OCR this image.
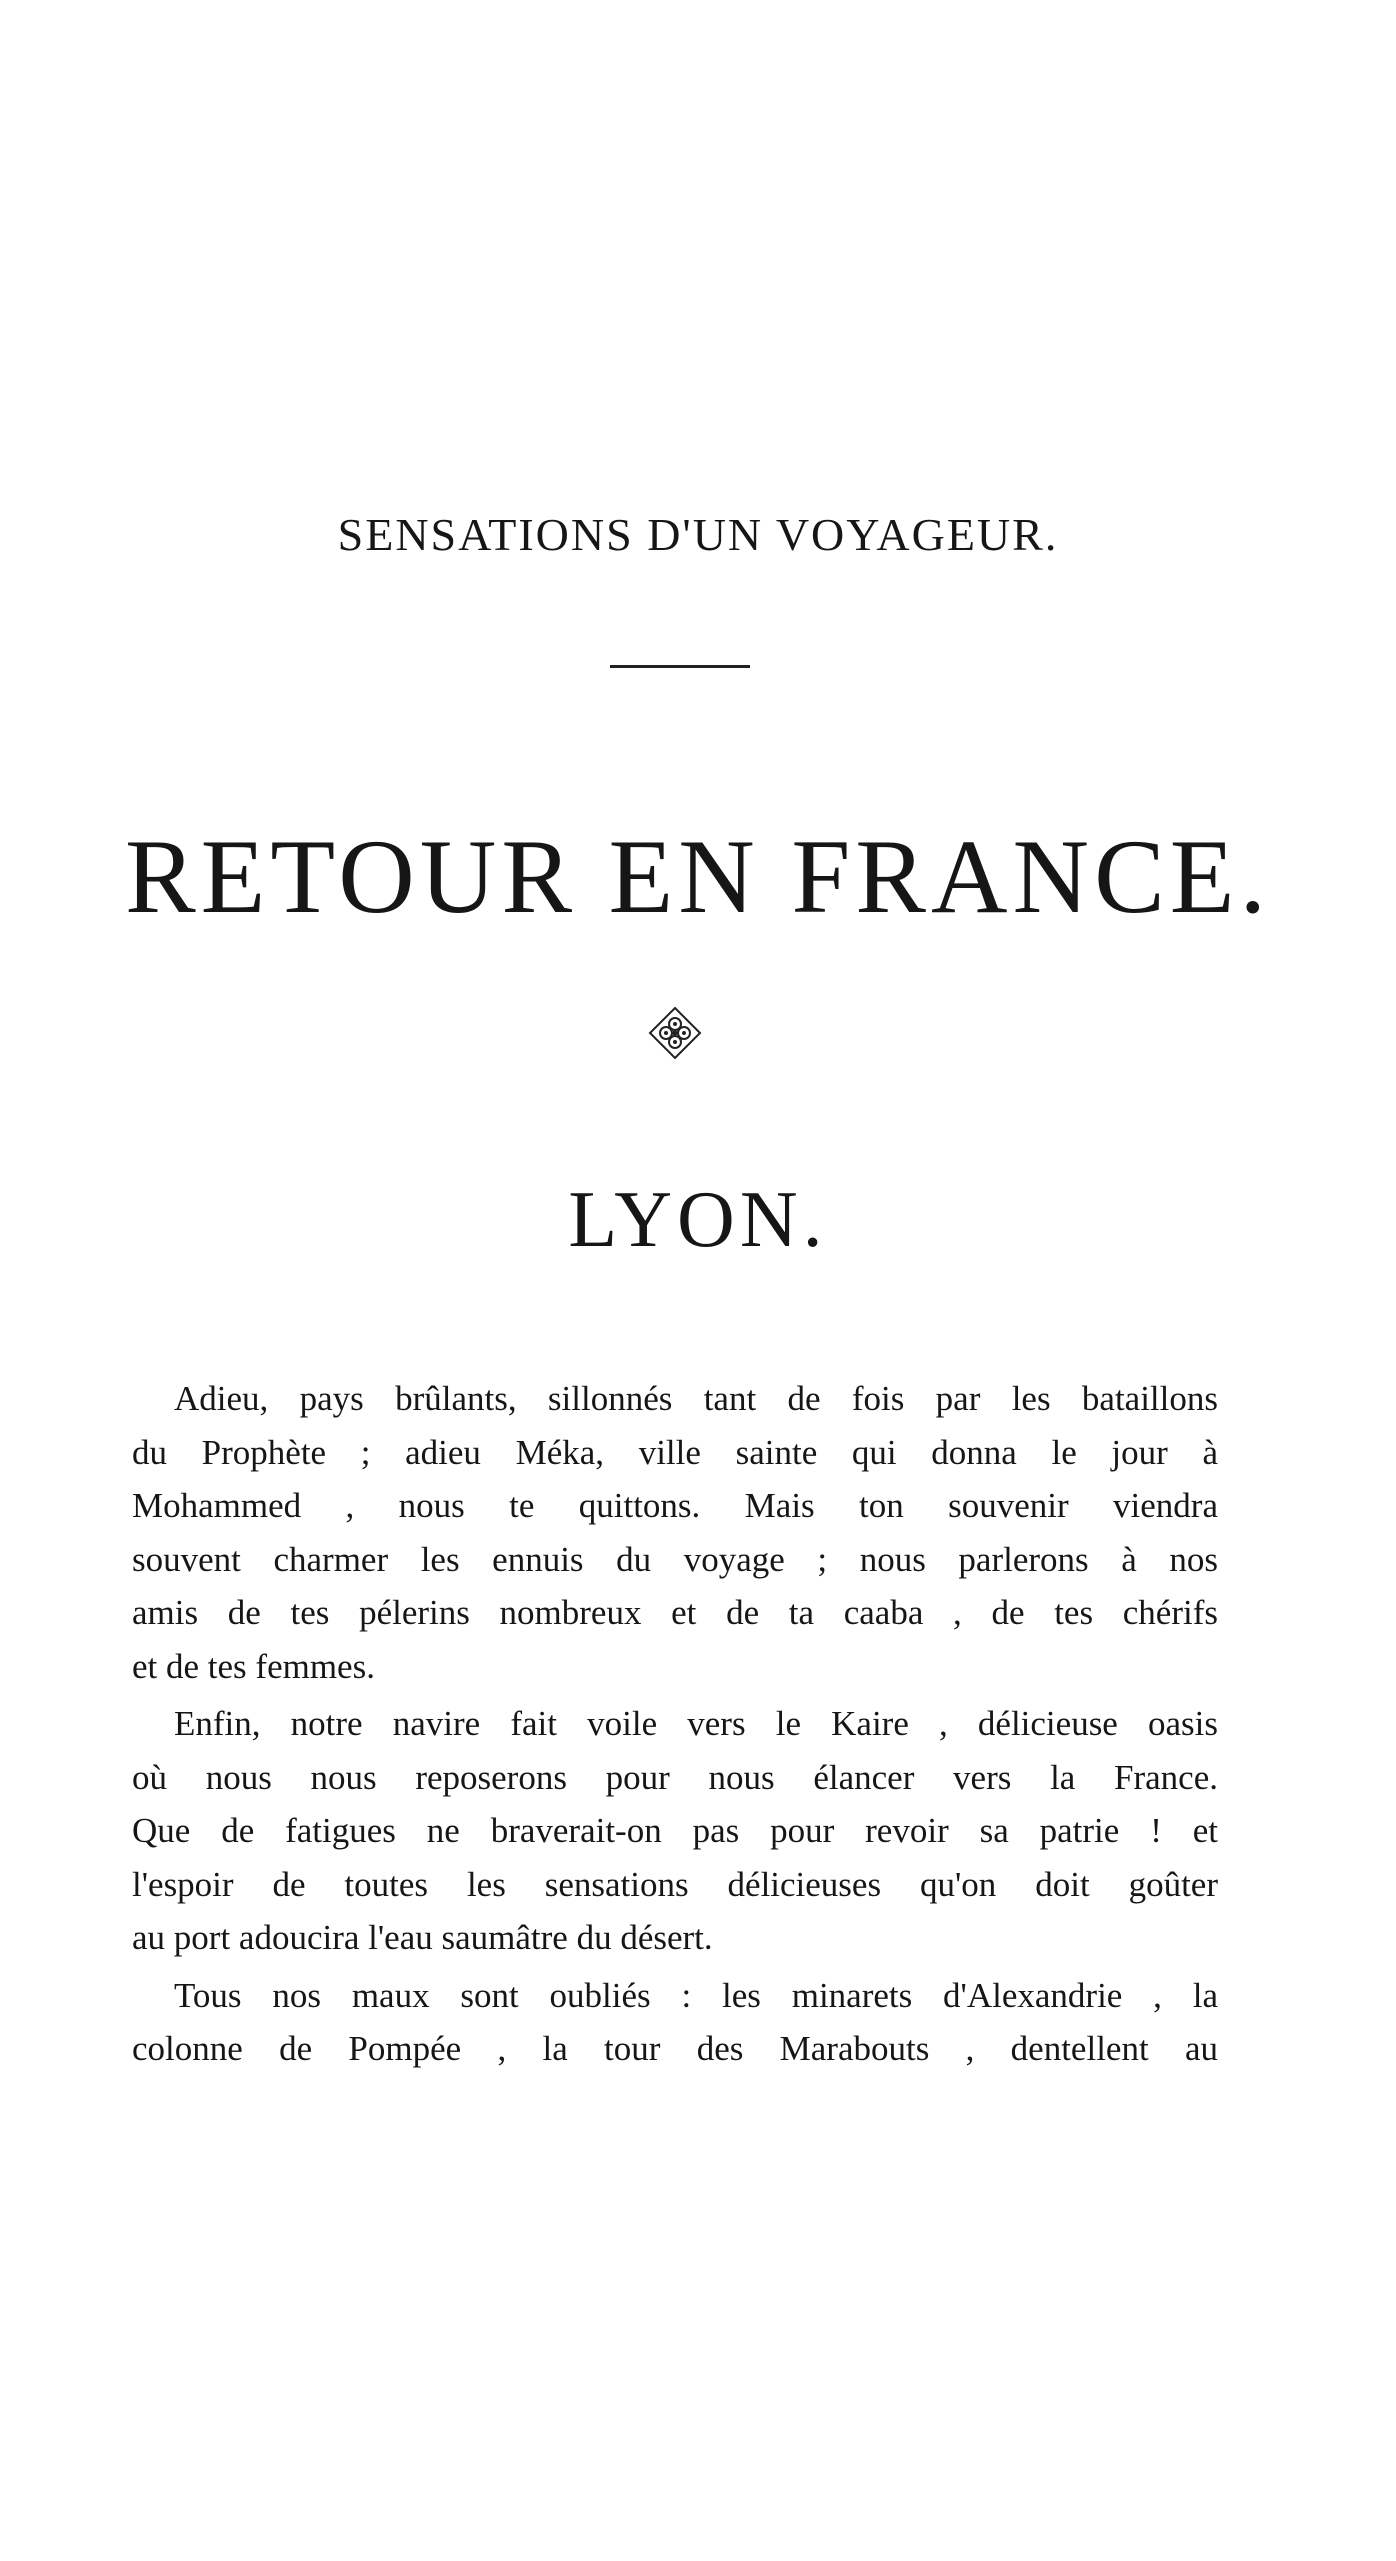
SENSATIONS D'UN VOYAGEUR.
RETOUR EN FRANCE.
LYON.
Adieu, pays brûlants, sillonnés tant de fois par les bataillons
du Prophète ; adieu Méka, ville sainte qui donna le jour à
Mohammed , nous te quittons. Mais ton souvenir viendra
souvent charmer les ennuis du voyage ; nous parlerons à nos
amis de tes pélerins nombreux et de ta caaba , de tes chérifs
et de tes femmes.
Enfin, notre navire fait voile vers le Kaire , délicieuse oasis
où nous nous reposerons pour nous élancer vers la France.
Que de fatigues ne braverait-on pas pour revoir sa patrie ! et
l'espoir de toutes les sensations délicieuses qu'on doit goûter
au port adoucira l'eau saumâtre du désert.
Tous nos maux sont oubliés : les minarets d'Alexandrie , la
colonne de Pompée , la tour des Marabouts , dentellent au
